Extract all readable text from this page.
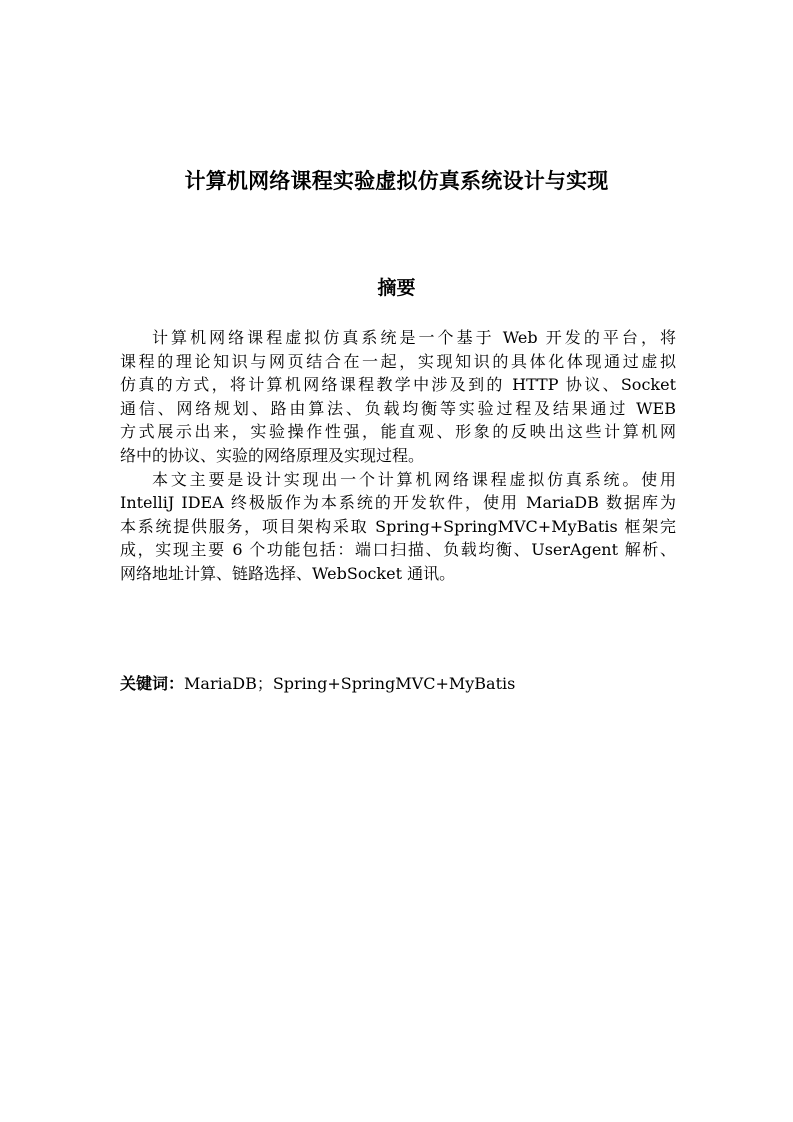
计算机网络课程实验虚拟仿真系统设计与实现
摘要

计算机网络课程虚拟仿真系统是一个基于 Web 开发的平台，将
课程的理论知识与网页结合在一起，实现知识的具体化体现通过虚拟
仿真的方式，将计算机网络课程教学中涉及到的 HTTP 协议、Socket
通信、网络规划、路由算法、负载均衡等实验过程及结果通过 WEB
方式展示出来，实验操作性强，能直观、形象的反映出这些计算机网
络中的协议、实验的网络原理及实现过程。

本文主要是设计实现出一个计算机网络课程虚拟仿真系统。使用
IntelliJ IDEA 终极版作为本系统的开发软件，使用 MariaDB 数据库为
本系统提供服务，项目架构采取 Spring+SpringMVC+MyBatis 框架完
成，实现主要 6 个功能包括：端口扫描、负载均衡、UserAgent 解析、
网络地址计算、链路选择、WebSocket 通讯。

关键词：MariaDB；Spring+SpringMVC+MyBatis
